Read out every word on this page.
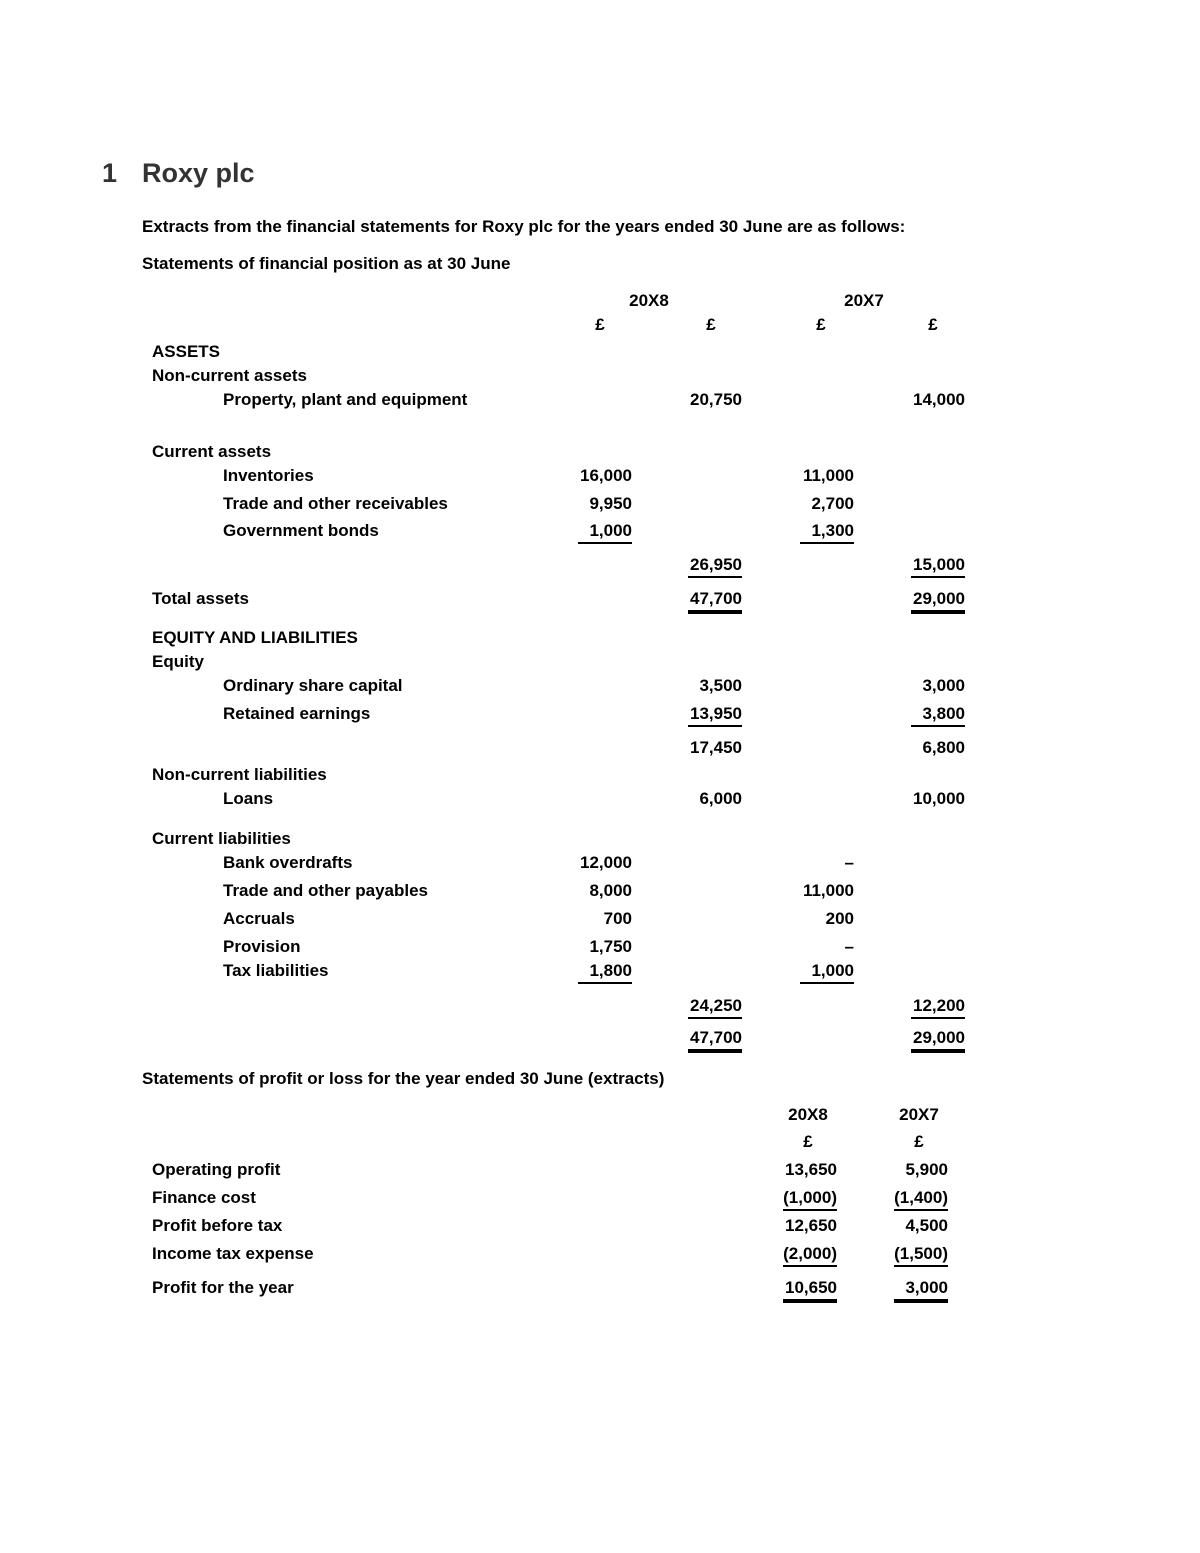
1 Roxy plc
Extracts from the financial statements for Roxy plc for the years ended 30 June are as follows:
Statements of financial position as at 30 June
20X8	20X7
£	£	£	£
ASSETS
Non-current assets
Property, plant and equipment	20,750	14,000
Current assets
Inventories	16,000	11,000
Trade and other receivables	9,950	2,700
Government bonds	1,000	1,300
26,950	15,000
Total assets	47,700	29,000
EQUITY AND LIABILITIES
Equity
Ordinary share capital	3,500	3,000
Retained earnings	13,950	3,800
17,450	6,800
Non-current liabilities
Loans	6,000	10,000
Current liabilities
Bank overdrafts	12,000	–
Trade and other payables	8,000	11,000
Accruals	700	200
Provision	1,750	–
Tax liabilities	1,800	1,000
24,250	12,200
47,700	29,000
Statements of profit or loss for the year ended 30 June (extracts)
20X8	20X7
£	£
Operating profit	13,650	5,900
Finance cost	(1,000)	(1,400)
Profit before tax	12,650	4,500
Income tax expense	(2,000)	(1,500)
Profit for the year	10,650	3,000
